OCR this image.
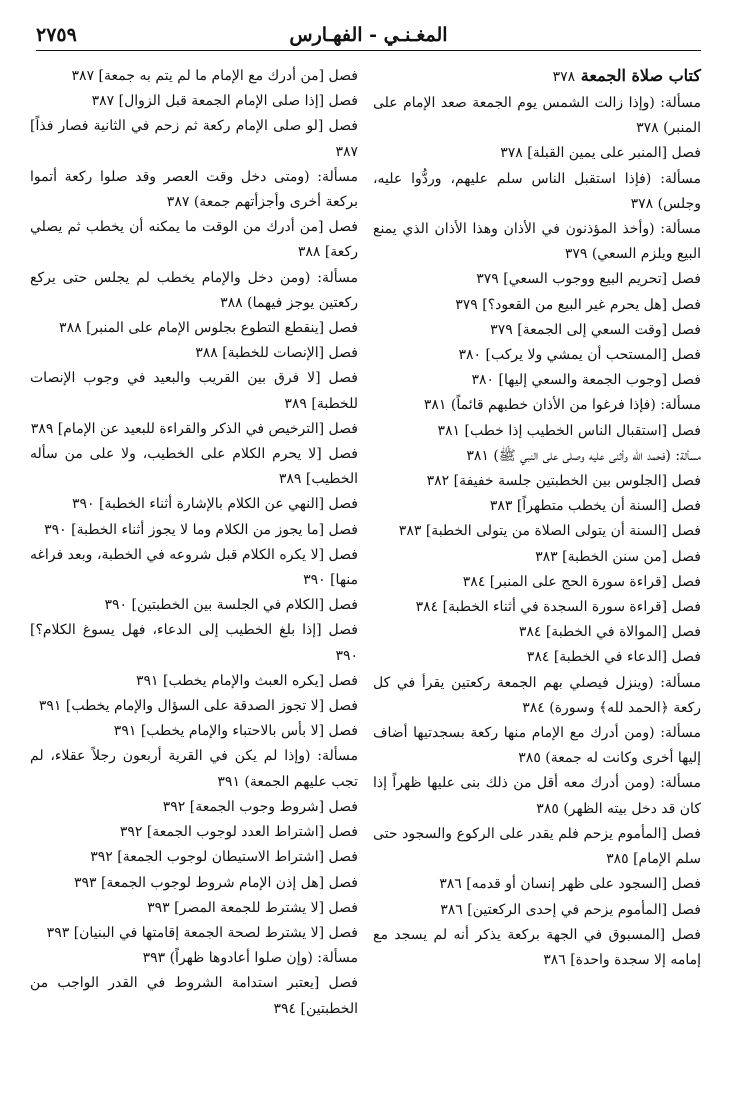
المغـنـي - الفهـارس
٢٧٥٩
كتاب صلاة الجمعة ٣٧٨
مسألة: (وإذا زالت الشمس يوم الجمعة صعد الإمام على المنبر) ٣٧٨
فصل [المنبر على يمين القبلة] ٣٧٨
مسألة: (فإذا استقبل الناس سلم عليهم، وردُّوا عليه، وجلس) ٣٧٨
مسألة: (وأخذ المؤذنون في الأذان وهذا الأذان الذي يمنع البيع ويلزم السعي) ٣٧٩
فصل [تحريم البيع ووجوب السعي] ٣٧٩
فصل [هل يحرم غير البيع من القعود؟] ٣٧٩
فصل [وقت السعي إلى الجمعة] ٣٧٩
فصل [المستحب أن يمشي ولا يركب] ٣٨٠
فصل [وجوب الجمعة والسعي إليها] ٣٨٠
مسألة: (فإذا فرغوا من الأذان خطبهم قائماً) ٣٨١
فصل [استقبال الناس الخطيب إذا خطب] ٣٨١
مسألة: (فحمد الله وأثنى عليه وصلى على النبي ﷺ) ٣٨١
فصل [الجلوس بين الخطبتين جلسة خفيفة] ٣٨٢
فصل [السنة أن يخطب متطهراً] ٣٨٣
فصل [السنة أن يتولى الصلاة من يتولى الخطبة] ٣٨٣
فصل [من سنن الخطبة] ٣٨٣
فصل [قراءة سورة الحج على المنبر] ٣٨٤
فصل [قراءة سورة السجدة في أثناء الخطبة] ٣٨٤
فصل [الموالاة في الخطبة] ٣٨٤
فصل [الدعاء في الخطبة] ٣٨٤
مسألة: (وينزل فيصلي بهم الجمعة ركعتين يقرأ في كل ركعة ﴿الحمد لله﴾ وسورة) ٣٨٤
مسألة: (ومن أدرك مع الإمام منها ركعة بسجدتيها أضاف إليها أخرى وكانت له جمعة) ٣٨٥
مسألة: (ومن أدرك معه أقل من ذلك بنى عليها ظهراً إذا كان قد دخل بيته الظهر) ٣٨٥
فصل [المأموم يزحم فلم يقدر على الركوع والسجود حتى سلم الإمام] ٣٨٥
فصل [السجود على ظهر إنسان أو قدمه] ٣٨٦
فصل [المأموم يزحم في إحدى الركعتين] ٣٨٦
فصل [المسبوق في الجهة بركعة يذكر أنه لم يسجد مع إمامه إلا سجدة واحدة] ٣٨٦
فصل [من أدرك مع الإمام ما لم يتم به جمعة] ٣٨٧
فصل [إذا صلى الإمام الجمعة قبل الزوال] ٣٨٧
فصل [لو صلى الإمام ركعة ثم زحم في الثانية فصار فذاً] ٣٨٧
مسألة: (ومتى دخل وقت العصر وقد صلوا ركعة أتموا بركعة أخرى وأجزأتهم جمعة) ٣٨٧
فصل [من أدرك من الوقت ما يمكنه أن يخطب ثم يصلي ركعة] ٣٨٨
مسألة: (ومن دخل والإمام يخطب لم يجلس حتى يركع ركعتين يوجز فيهما) ٣٨٨
فصل [ينقطع التطوع بجلوس الإمام على المنبر] ٣٨٨
فصل [الإنصات للخطبة] ٣٨٨
فصل [لا فرق بين القريب والبعيد في وجوب الإنصات للخطبة] ٣٨٩
فصل [الترخيص في الذكر والقراءة للبعيد عن الإمام] ٣٨٩
فصل [لا يحرم الكلام على الخطيب، ولا على من سأله الخطيب] ٣٨٩
فصل [النهي عن الكلام بالإشارة أثناء الخطبة] ٣٩٠
فصل [ما يجوز من الكلام وما لا يجوز أثناء الخطبة] ٣٩٠
فصل [لا يكره الكلام قبل شروعه في الخطبة، وبعد فراغه منها] ٣٩٠
فصل [الكلام في الجلسة بين الخطبتين] ٣٩٠
فصل [إذا بلغ الخطيب إلى الدعاء، فهل يسوغ الكلام؟] ٣٩٠
فصل [يكره العبث والإمام يخطب] ٣٩١
فصل [لا تجوز الصدقة على السؤال والإمام يخطب] ٣٩١
فصل [لا بأس بالاحتباء والإمام يخطب] ٣٩١
مسألة: (وإذا لم يكن في القرية أربعون رجلاً عقلاء، لم تجب عليهم الجمعة) ٣٩١
فصل [شروط وجوب الجمعة] ٣٩٢
فصل [اشتراط العدد لوجوب الجمعة] ٣٩٢
فصل [اشتراط الاستيطان لوجوب الجمعة] ٣٩٢
فصل [هل إذن الإمام شروط لوجوب الجمعة] ٣٩٣
فصل [لا يشترط للجمعة المصر] ٣٩٣
فصل [لا يشترط لصحة الجمعة إقامتها في البنيان] ٣٩٣
مسألة: (وإن صلوا أعادوها ظهراً) ٣٩٣
فصل [يعتبر استدامة الشروط في القدر الواجب من الخطبتين] ٣٩٤
